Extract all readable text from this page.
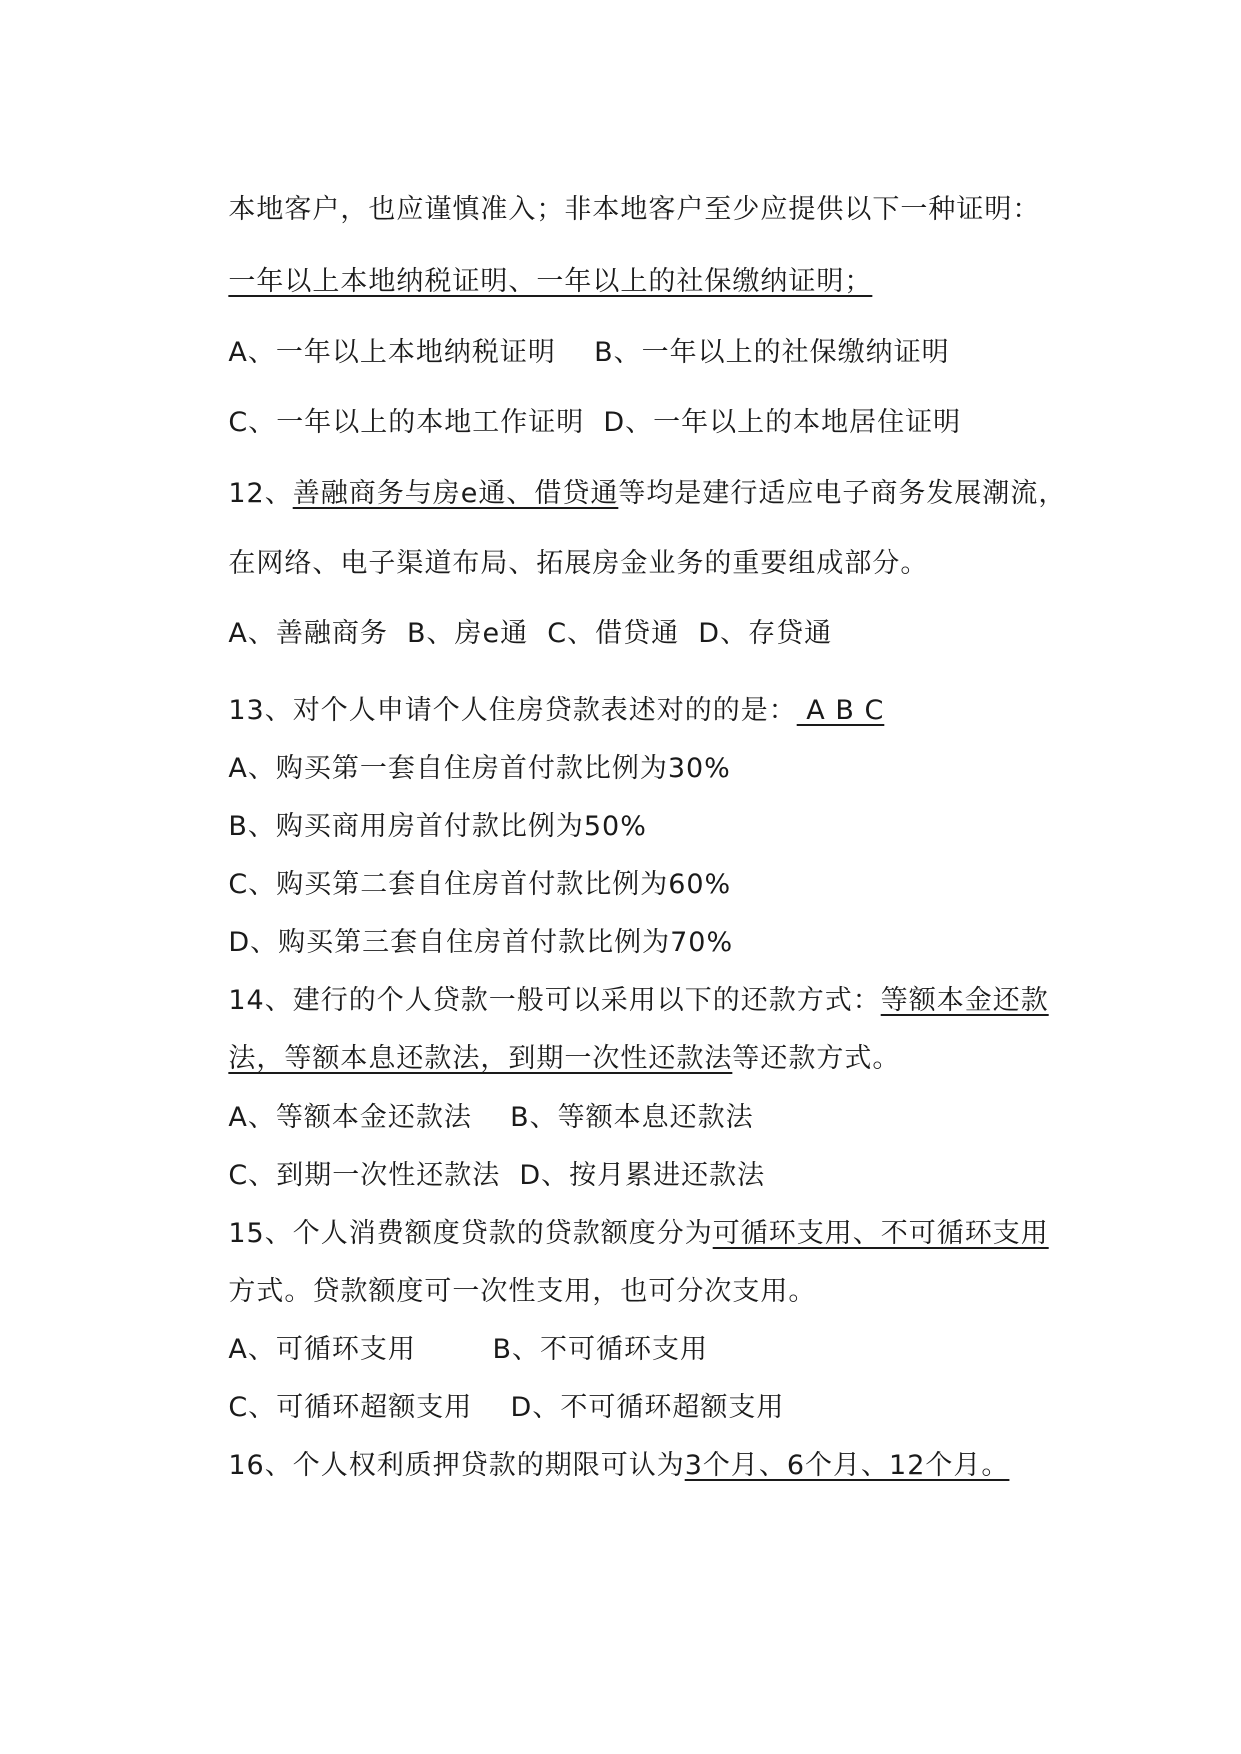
本地客户，也应谨慎准入；非本地客户至少应提供以下一种证明：

一年以上本地纳税证明、一年以上的社保缴纳证明；

A、一年以上本地纳税证明    B、一年以上的社保缴纳证明

C、一年以上的本地工作证明  D、一年以上的本地居住证明

12、善融商务与房e通、借贷通等均是建行适应电子商务发展潮流，

在网络、电子渠道布局、拓展房金业务的重要组成部分。

A、善融商务  B、房e通  C、借贷通  D、存贷通

13、对个人申请个人住房贷款表述对的的是： A B C

A、购买第一套自住房首付款比例为30%

B、购买商用房首付款比例为50%

C、购买第二套自住房首付款比例为60%

D、购买第三套自住房首付款比例为70%

14、建行的个人贷款一般可以采用以下的还款方式：等额本金还款

法，等额本息还款法，到期一次性还款法等还款方式。

A、等额本金还款法    B、等额本息还款法

C、到期一次性还款法  D、按月累进还款法

15、个人消费额度贷款的贷款额度分为可循环支用、不可循环支用

方式。贷款额度可一次性支用，也可分次支用。

A、可循环支用        B、不可循环支用

C、可循环超额支用    D、不可循环超额支用

16、个人权利质押贷款的期限可认为3个月、6个月、12个月。
